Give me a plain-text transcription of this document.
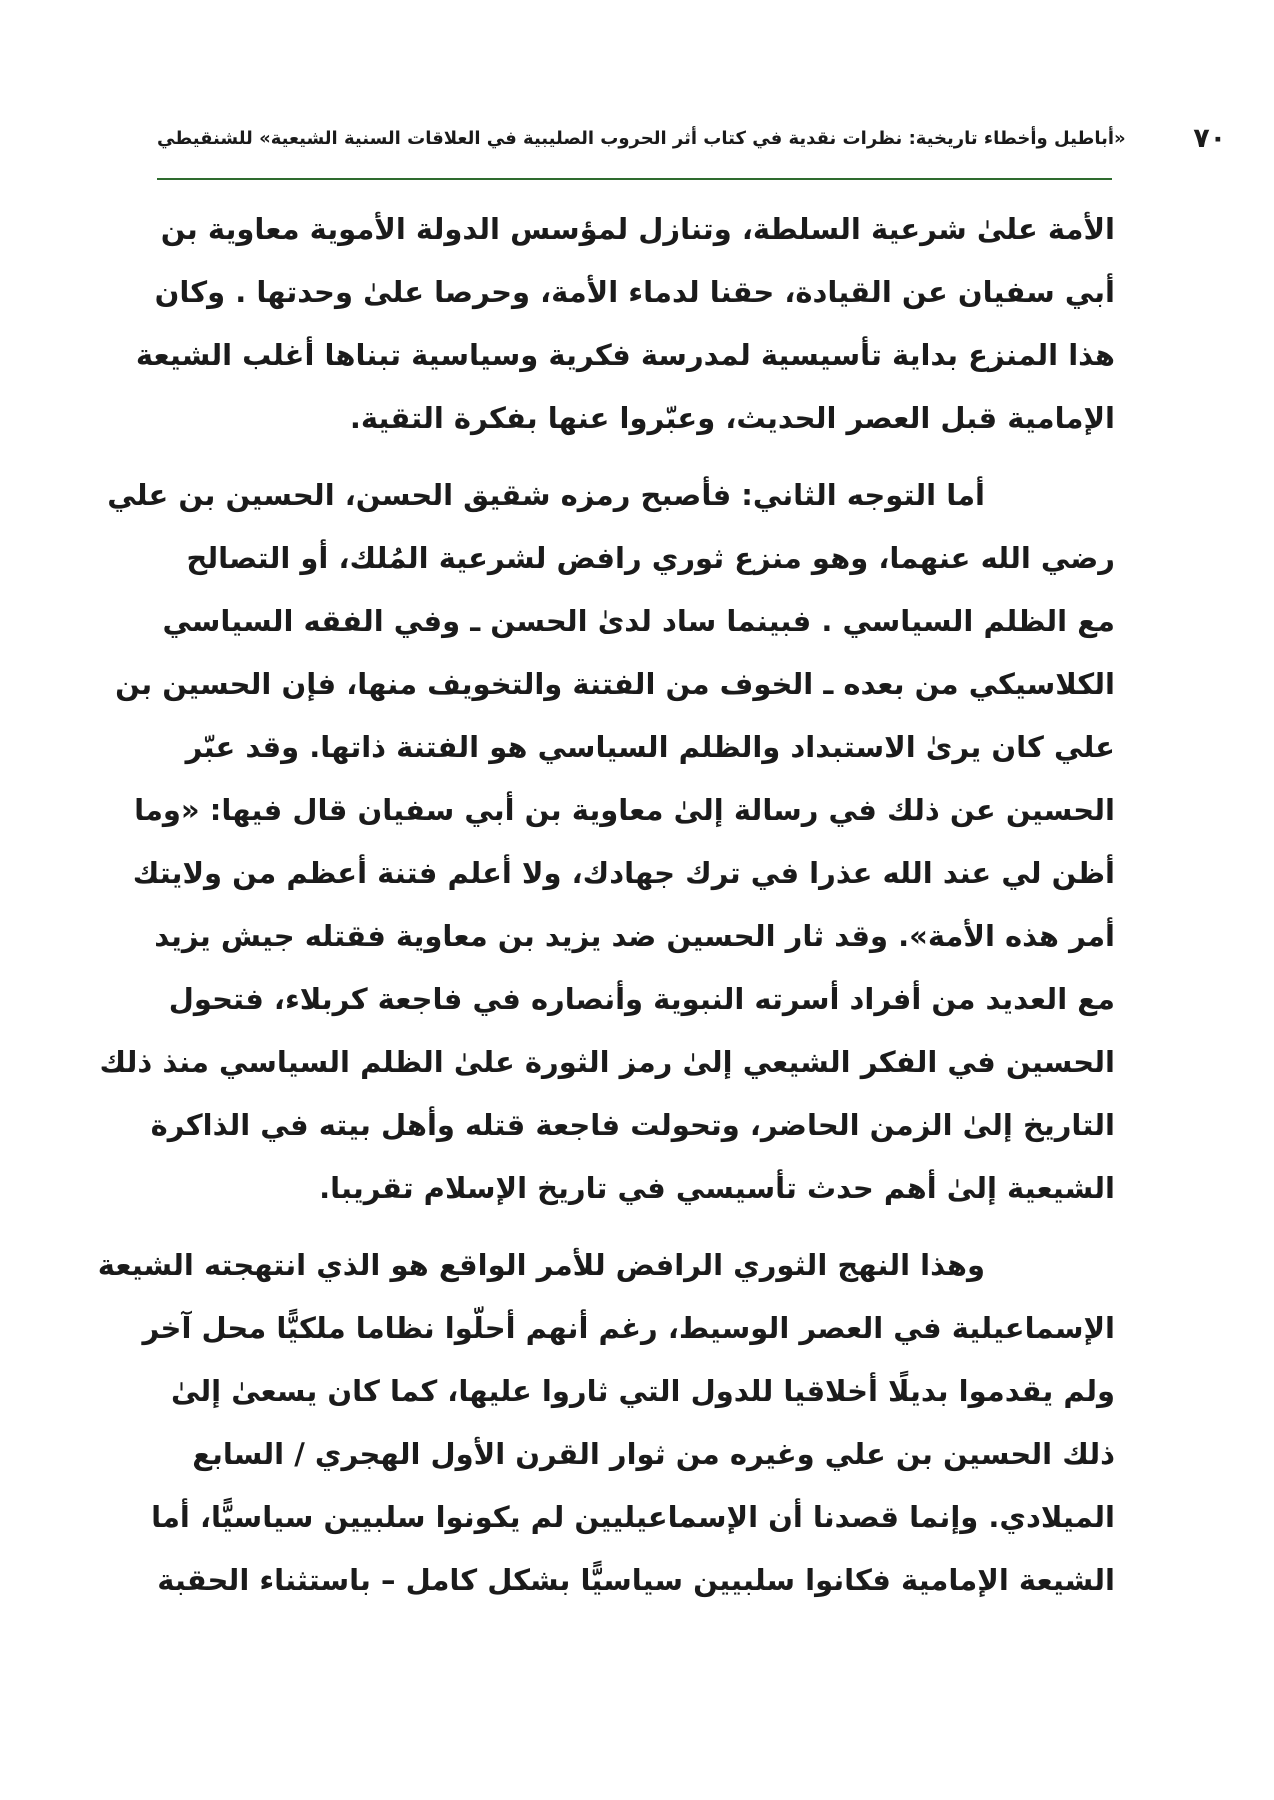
«أباطيل وأخطاء تاريخية: نظرات نقدية في كتاب أثر الحروب الصليبية في العلاقات السنية الشيعية» للشنقيطي	٧٠
الأمة علىٰ شرعية السلطة، وتنازل لمؤسس الدولة الأموية معاوية بن
أبي سفيان عن القيادة، حقنا لدماء الأمة، وحرصا علىٰ وحدتها . وكان
هذا المنزع بداية تأسيسية لمدرسة فكرية وسياسية تبناها أغلب الشيعة
الإمامية قبل العصر الحديث، وعبّروا عنها بفكرة التقية.
أما التوجه الثاني: فأصبح رمزه شقيق الحسن، الحسين بن علي
رضي الله عنهما، وهو منزع ثوري رافض لشرعية المُلك، أو التصالح
مع الظلم السياسي . فبينما ساد لدىٰ الحسن ـ وفي الفقه السياسي
الكلاسيكي من بعده ـ الخوف من الفتنة والتخويف منها، فإن الحسين بن
علي كان يرىٰ الاستبداد والظلم السياسي هو الفتنة ذاتها. وقد عبّر
الحسين عن ذلك في رسالة إلىٰ معاوية بن أبي سفيان قال فيها: «وما
أظن لي عند الله عذرا في ترك جهادك، ولا أعلم فتنة أعظم من ولايتك
أمر هذه الأمة». وقد ثار الحسين ضد يزيد بن معاوية فقتله جيش يزيد
مع العديد من أفراد أسرته النبوية وأنصاره في فاجعة كربلاء، فتحول
الحسين في الفكر الشيعي إلىٰ رمز الثورة علىٰ الظلم السياسي منذ ذلك
التاريخ إلىٰ الزمن الحاضر، وتحولت فاجعة قتله وأهل بيته في الذاكرة
الشيعية إلىٰ أهم حدث تأسيسي في تاريخ الإسلام تقريبا.
وهذا النهج الثوري الرافض للأمر الواقع هو الذي انتهجته الشيعة
الإسماعيلية في العصر الوسيط، رغم أنهم أحلّوا نظاما ملكيًّا محل آخر
ولم يقدموا بديلًا أخلاقيا للدول التي ثاروا عليها، كما كان يسعىٰ إلىٰ
ذلك الحسين بن علي وغيره من ثوار القرن الأول الهجري / السابع
الميلادي. وإنما قصدنا أن الإسماعيليين لم يكونوا سلبيين سياسيًّا، أما
الشيعة الإمامية فكانوا سلبيين سياسيًّا بشكل كامل – باستثناء الحقبة
